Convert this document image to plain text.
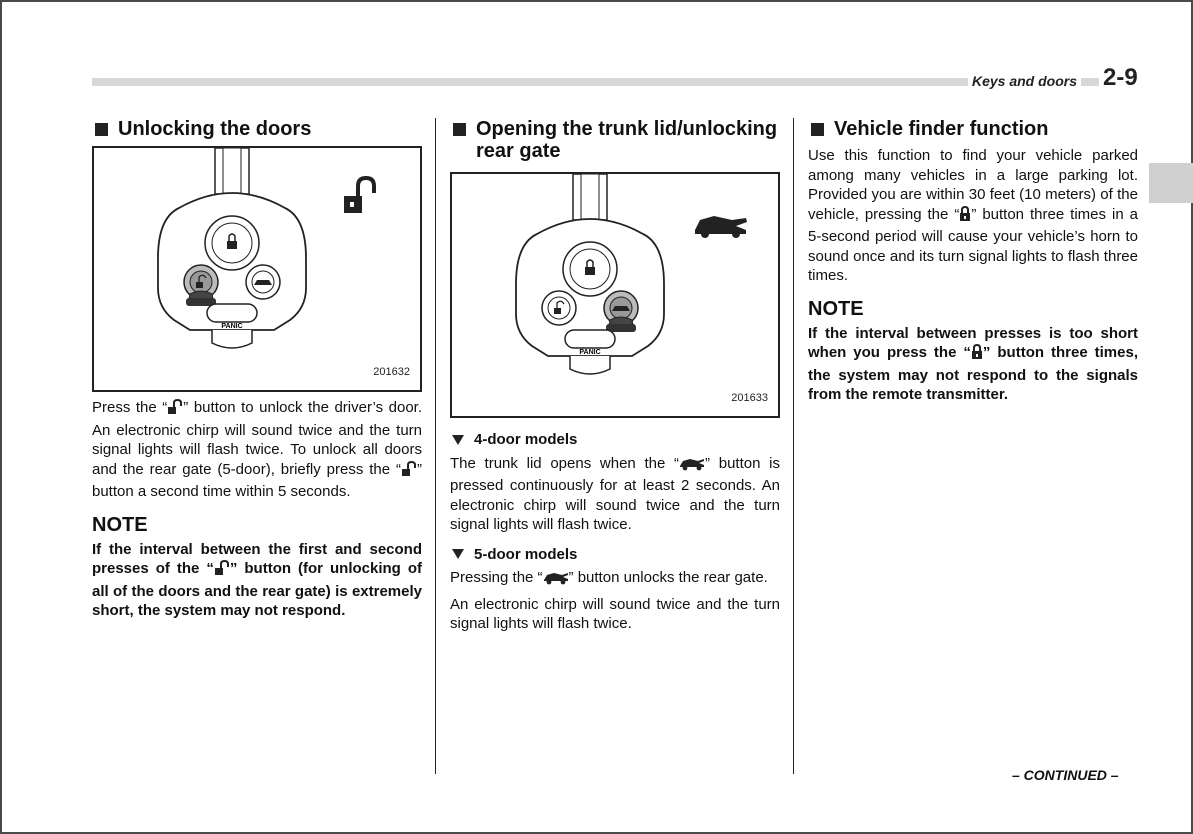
Keys and doors 2-9
Unlocking the doors
PANIC
201632

Press the “ ” button to unlock the driver’s door. An electronic chirp will sound twice and the turn signal lights will flash twice. To unlock all doors and the rear gate (5-door), briefly press the “ ” button a second time within 5 seconds.

NOTE

If the interval between the first and second presses of the “ ” button (for unlocking of all of the doors and the rear gate) is extremely short, the system may not respond.

Opening the trunk lid/unlocking rear gate
PANIC
201633
4-door models

The trunk lid opens when the “ ” button is pressed continuously for at least 2 seconds. An electronic chirp will sound twice and the turn signal lights will flash twice.

5-door models

Pressing the “ ” button unlocks the rear gate.

An electronic chirp will sound twice and the turn signal lights will flash twice.

Vehicle finder function

Use this function to find your vehicle parked among many vehicles in a large parking lot. Provided you are within 30 feet (10 meters) of the vehicle, pressing the “ ” button three times in a 5-second period will cause your vehicle’s horn to sound once and its turn signal lights to flash three times.

NOTE

If the interval between presses is too short when you press the “ ” button three times, the system may not respond to the signals from the remote transmitter.

– CONTINUED –
